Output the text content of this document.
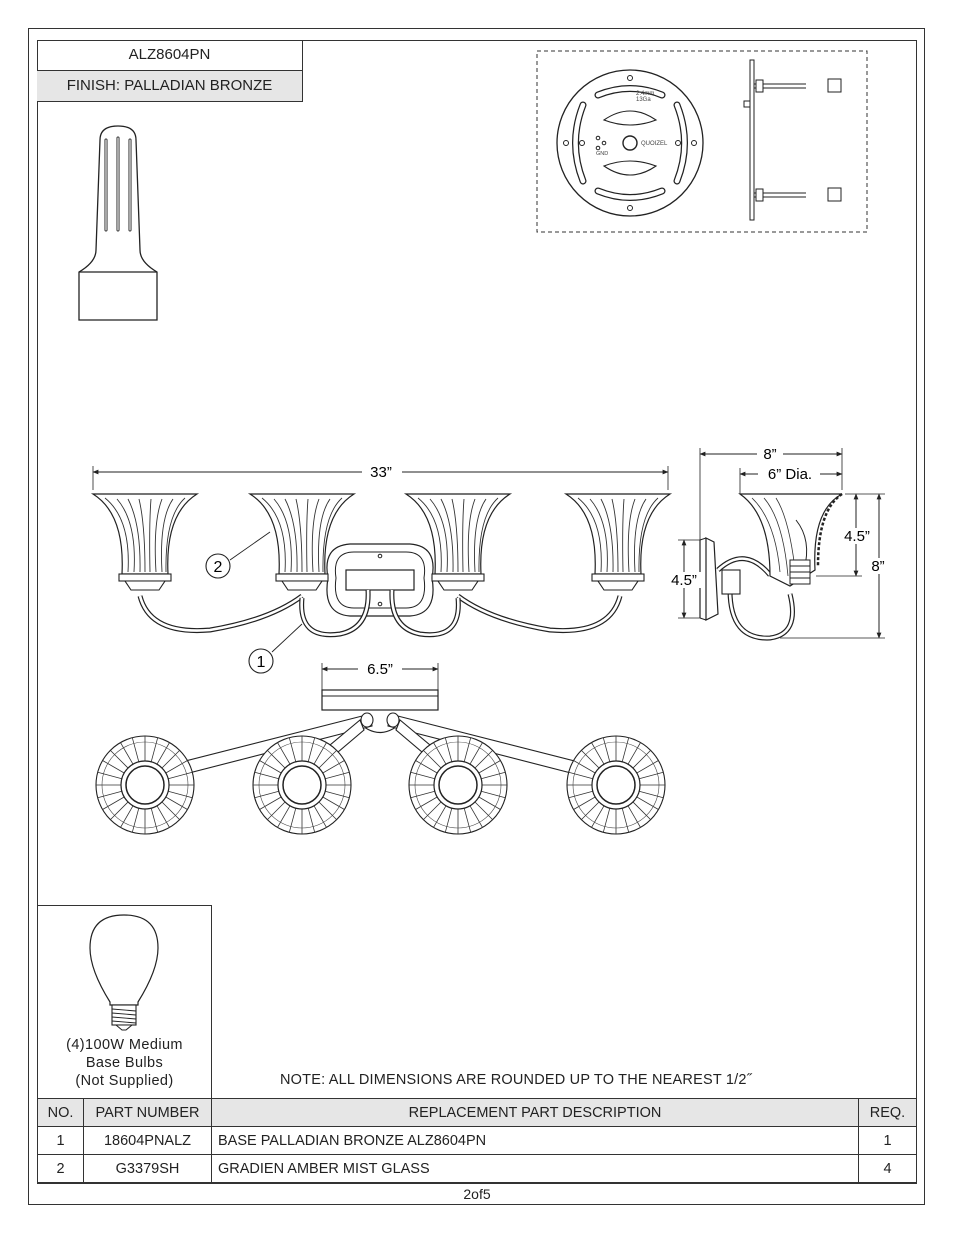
ALZ8604PN
FINISH: PALLADIAN BRONZE	2.4mm
13Ga
QUOIZEL
GND
33”
2
1
8”
6” Dia.
4.5”
8”
4.5”
6.5”
(4)100W Medium
Base Bulbs
(Not Supplied)	NOTE: ALL DIMENSIONS ARE ROUNDED UP TO THE NEAREST 1/2˝
NO.	PART NUMBER	REPLACEMENT PART DESCRIPTION	REQ.
1	18604PNALZ	BASE PALLADIAN BRONZE ALZ8604PN	1
2	G3379SH	GRADIEN AMBER MIST GLASS	4
2of5
